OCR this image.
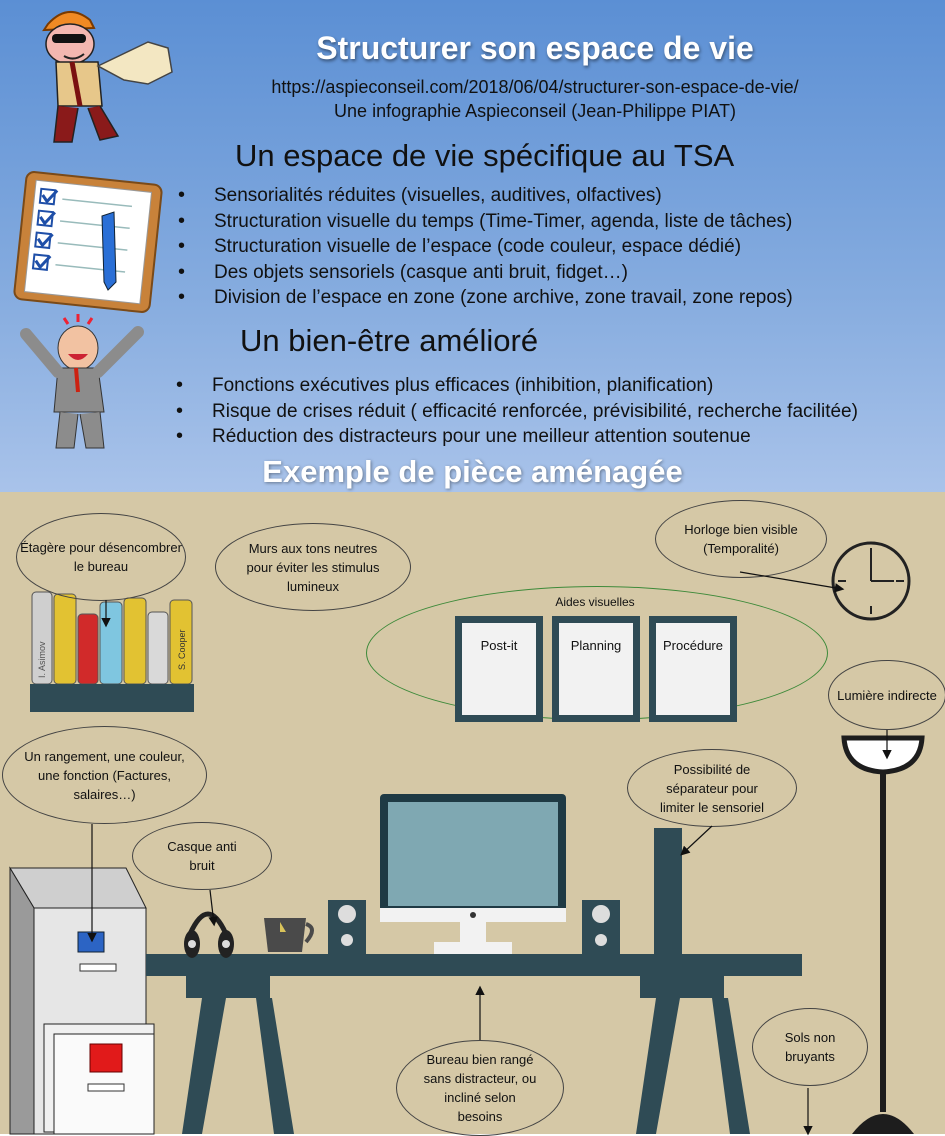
Structurer son espace de vie
https://aspieconseil.com/2018/06/04/structurer-son-espace-de-vie/
Une infographie Aspieconseil (Jean-Philippe PIAT)
Un espace de vie spécifique au TSA
• Sensorialités réduites (visuelles, auditives, olfactives)
• Structuration visuelle du temps (Time-Timer, agenda, liste de tâches)
• Structuration visuelle de l’espace (code couleur, espace dédié)
• Des objets sensoriels (casque anti bruit, fidget…)
• Division de l’espace en zone (zone archive, zone travail, zone repos)
Un bien-être amélioré
• Fonctions exécutives plus efficaces (inhibition, planification)
• Risque de crises réduit ( efficacité renforcée, prévisibilité, recherche facilitée)
• Réduction des distracteurs pour une meilleur attention soutenue
Exemple de pièce aménagée
I. Asimov	S. Cooper
Étagère pour désencombrer le bureau
Murs aux tons neutres pour éviter les stimulus lumineux
Horloge bien visible (Temporalité)
Aides visuelles
Post-it	Planning	Procédure
Lumière indirecte
Un rangement, une couleur, une fonction (Factures, salaires…)
Casque anti bruit
Possibilité de séparateur pour limiter le sensoriel
Bureau bien rangé sans distracteur, ou incliné selon besoins
Sols non bruyants
